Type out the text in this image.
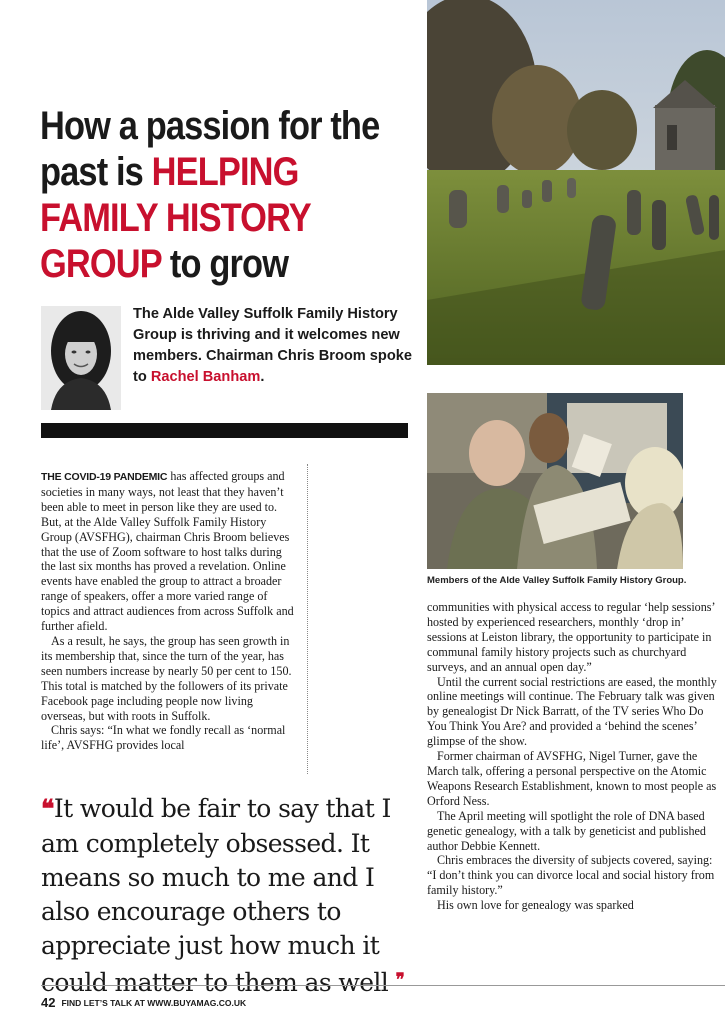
How a passion for the past is HELPING FAMILY HISTORY GROUP to grow

The Alde Valley Suffolk Family History Group is thriving and it welcomes new members. Chairman Chris Broom spoke to Rachel Banham.

Members of the Alde Valley Suffolk Family History Group.

THE COVID-19 PANDEMIC has affected groups and societies in many ways, not least that they haven’t been able to meet in person like they are used to. But, at the Alde Valley Suffolk Family History Group (AVSFHG), chairman Chris Broom believes that the use of Zoom software to host talks during the last six months has proved a revelation. Online events have enabled the group to attract a broader range of speakers, offer a more varied range of topics and attract audiences from across Suffolk and further afield.

As a result, he says, the group has seen growth in its membership that, since the turn of the year, has seen numbers increase by nearly 50 per cent to 150. This total is matched by the followers of its private Facebook page including people now living overseas, but with roots in Suffolk.

Chris says: “In what we fondly recall as ‘normal life’, AVSFHG provides local

communities with physical access to regular ‘help sessions’ hosted by experienced researchers, monthly ‘drop in’ sessions at Leiston library, the opportunity to participate in communal family history projects such as churchyard surveys, and an annual open day.”

Until the current social restrictions are eased, the monthly online meetings will continue. The February talk was given by genealogist Dr Nick Barratt, of the TV series Who Do You Think You Are? and provided a ‘behind the scenes’ glimpse of the show.

Former chairman of AVSFHG, Nigel Turner, gave the March talk, offering a personal perspective on the Atomic Weapons Research Establishment, known to most people as Orford Ness.

The April meeting will spotlight the role of DNA based genetic genealogy, with a talk by geneticist and published author Debbie Kennett.

Chris embraces the diversity of subjects covered, saying: “I don’t think you can divorce local and social history from family history.”

His own love for genealogy was sparked

❝It would be fair to say that I am completely obsessed. It means so much to me and I also encourage others to appreciate just how much it could matter to them as well ❞
42 FIND LET’S TALK AT WWW.BUYAMAG.CO.UK
